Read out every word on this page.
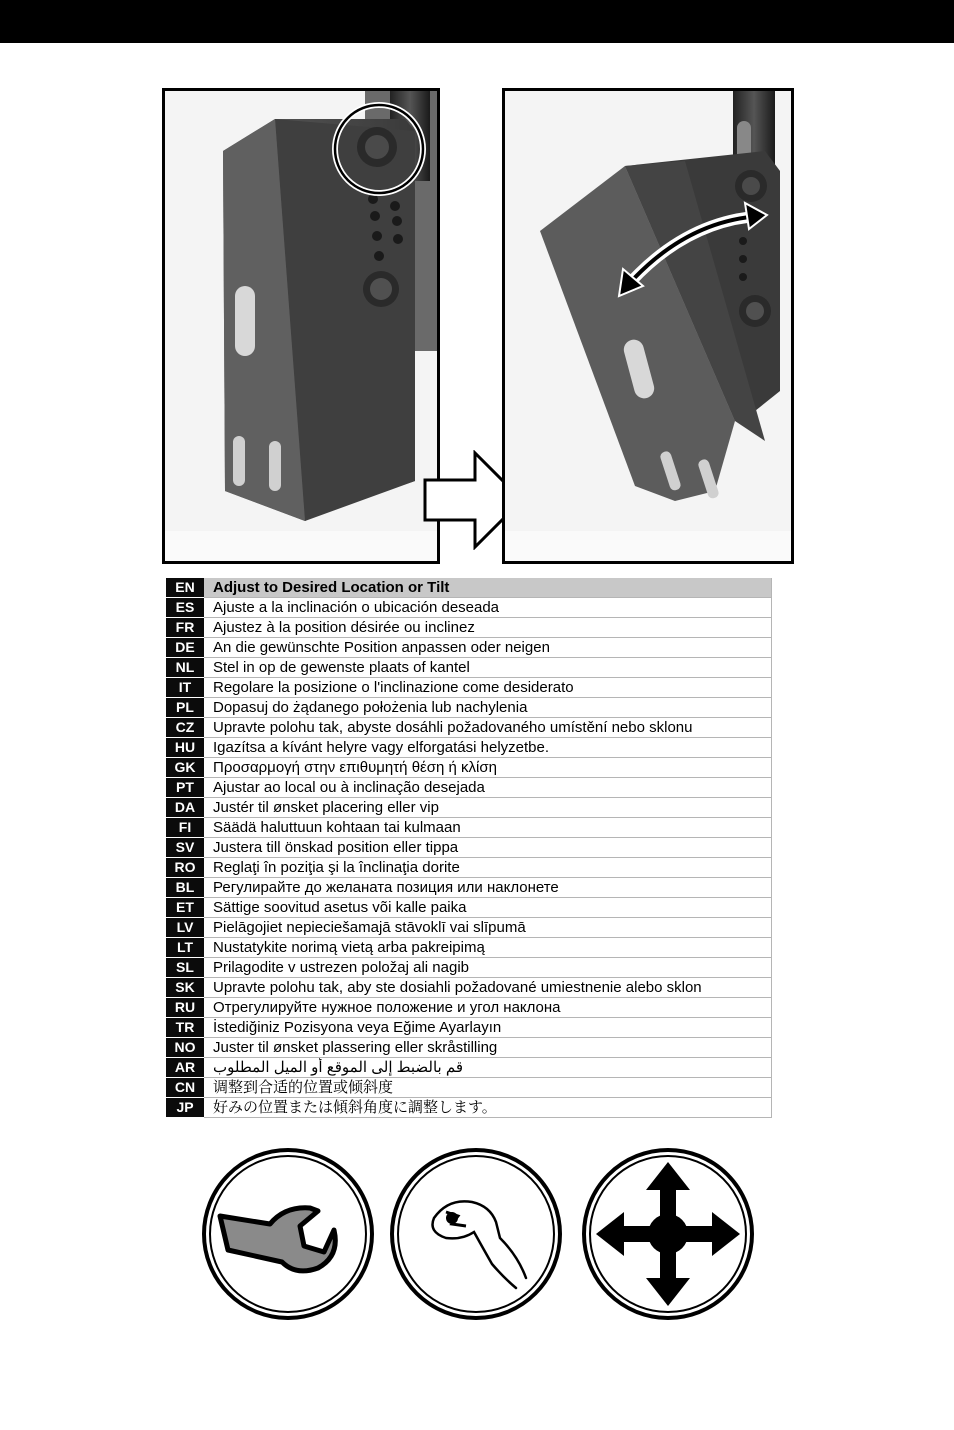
EN	Adjust to Desired Location or Tilt
ES	Ajuste a la inclinación o ubicación deseada
FR	Ajustez à la position désirée ou inclinez
DE	An die gewünschte Position anpassen oder neigen
NL	Stel in op de gewenste plaats of kantel
IT	Regolare la posizione o l'inclinazione come desiderato
PL	Dopasuj do żądanego położenia lub nachylenia
CZ	Upravte polohu tak, abyste dosáhli požadovaného umístění nebo sklonu
HU	Igazítsa a kívánt helyre vagy elforgatási helyzetbe.
GK	Προσαρμογή στην επιθυμητή θέση ή κλίση
PT	Ajustar ao local ou à inclinação desejada
DA	Justér til ønsket placering eller vip
FI	Säädä haluttuun kohtaan tai kulmaan
SV	Justera till önskad position eller tippa
RO	Reglaţi în poziţia şi la înclinaţia dorite
BL	Регулирайте до желаната позиция или наклонете
ET	Sättige soovitud asetus või kalle paika
LV	Pielāgojiet nepieciešamajā stāvoklī vai slīpumā
LT	Nustatykite norimą vietą arba pakreipimą
SL	Prilagodite v ustrezen položaj ali nagib
SK	Upravte polohu tak, aby ste dosiahli požadované umiestnenie alebo sklon
RU	Отрегулируйте нужное положение и угол наклона
TR	İstediğiniz Pozisyona veya Eğime Ayarlayın
NO	Juster til ønsket plassering eller skråstilling
AR	قم بالضبط إلى الموقع أو الميل المطلوب
CN	调整到合适的位置或倾斜度
JP	好みの位置または傾斜角度に調整します。
